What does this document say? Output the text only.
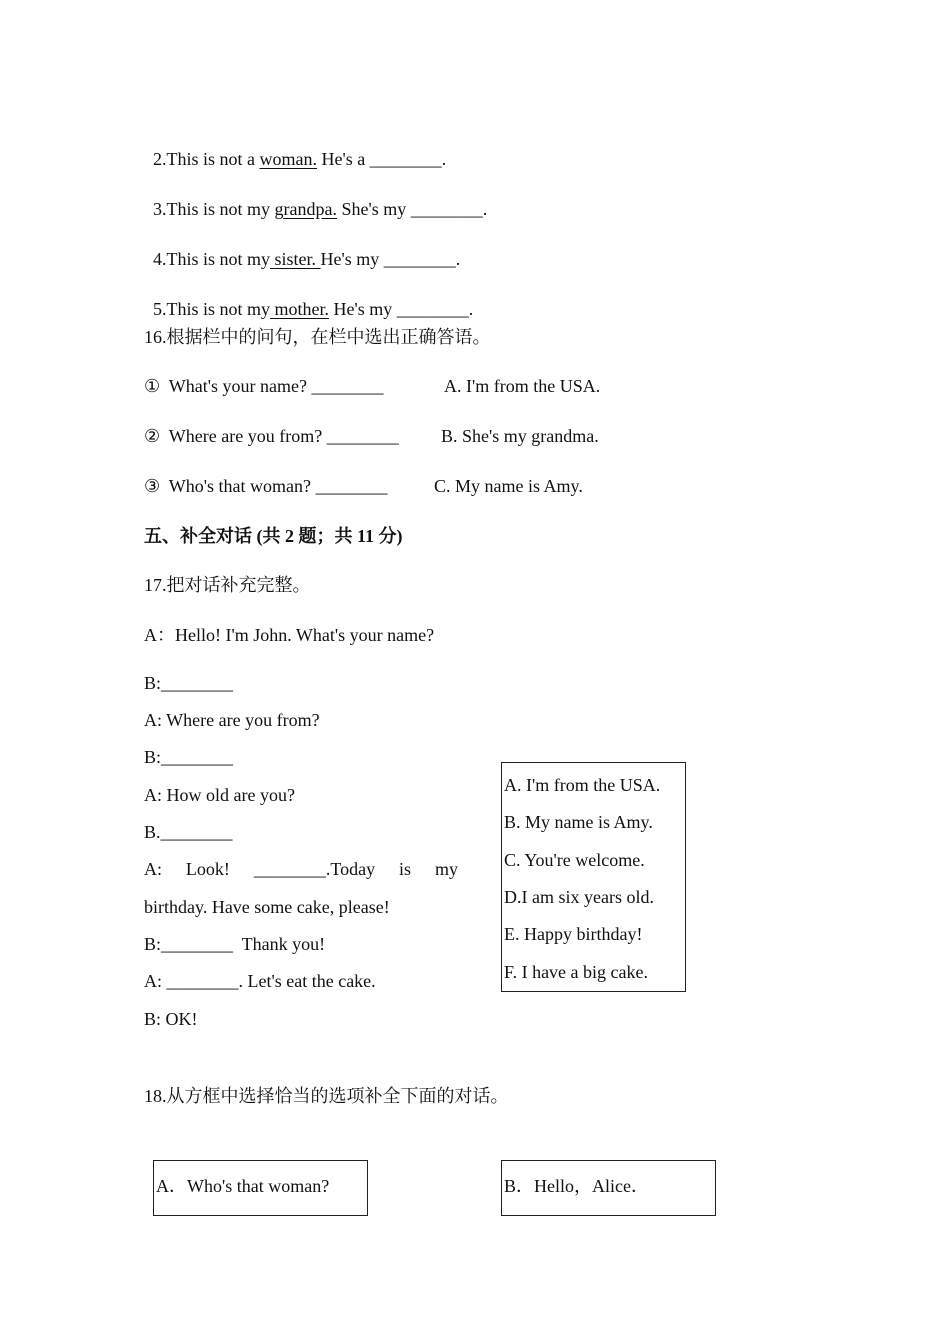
2.This is not a woman. He's a ________.

3.This is not my grandpa. She's my ________.

4.This is not my sister. He's my ________.

5.This is not my mother. He's my ________.

16.根据栏中的问句，在栏中选出正确答语。
①  What's your name? ________	A. I'm from the USA.
②  Where are you from? ________ B. She's my grandma.
③  Who's that woman? ________	C. My name is Amy.
五、补全对话 (共 2 题；共 11 分)
17.把对话补充完整。
A：Hello! I'm John. What's your name?
B:________
A: Where are you from?
B:________
A: How old are you?
B.________
A: Look! ________.Today is my
birthday. Have some cake, please!
B:________  Thank you!
A: ________. Let's eat the cake.
B: OK!
A. I'm from the USA.
B. My name is Amy.
C. You're welcome.
D.I am six years old.
E. Happy birthday!
F. I have a big cake.
18.从方框中选择恰当的选项补全下面的对话。
A．Who's that woman?	B．Hello，Alice．
